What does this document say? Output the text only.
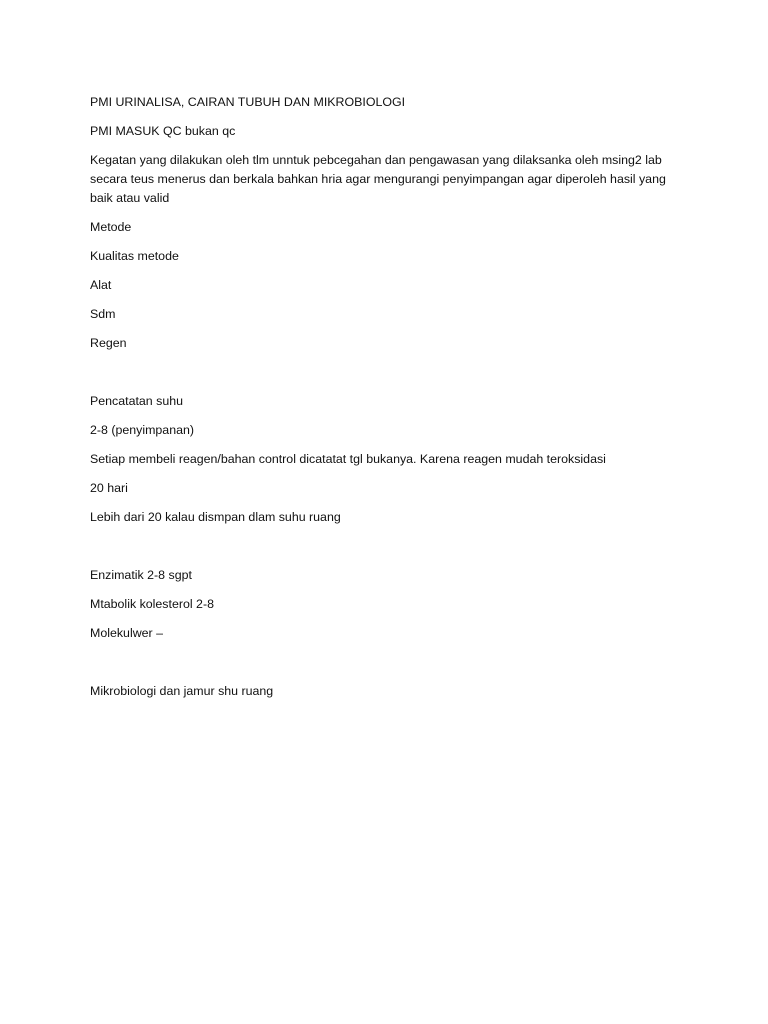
PMI URINALISA, CAIRAN TUBUH DAN MIKROBIOLOGI

PMI MASUK QC bukan qc

Kegatan yang dilakukan oleh tlm unntuk pebcegahan dan pengawasan yang dilaksanka oleh msing2 lab secara teus menerus dan berkala bahkan hria agar mengurangi penyimpangan agar diperoleh hasil yang baik atau valid

Metode

Kualitas metode

Alat

Sdm

Regen

Pencatatan suhu

2-8 (penyimpanan)

Setiap membeli reagen/bahan control dicatatat tgl bukanya. Karena reagen mudah teroksidasi

20 hari

Lebih dari 20 kalau dismpan dlam suhu ruang

Enzimatik 2-8 sgpt

Mtabolik kolesterol 2-8

Molekulwer –

Mikrobiologi dan jamur shu ruang
